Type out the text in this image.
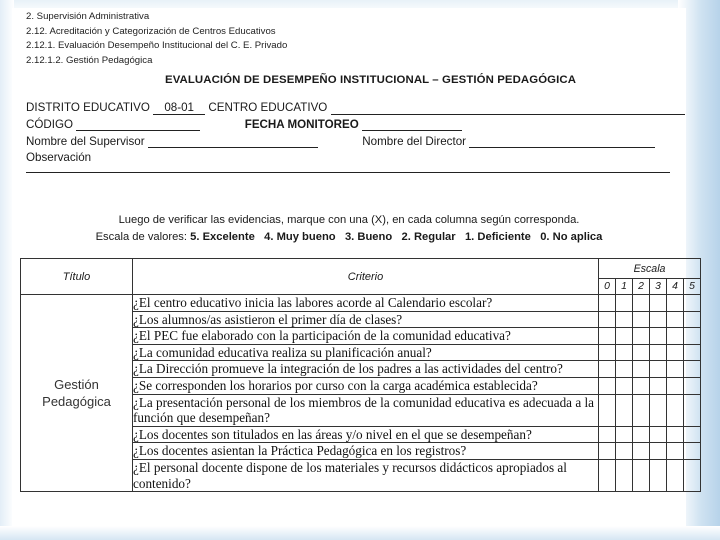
2. Supervisión Administrativa
2.12. Acreditación y Categorización de Centros Educativos
2.12.1. Evaluación Desempeño Institucional del C. E. Privado
2.12.1.2. Gestión Pedagógica
EVALUACIÓN DE DESEMPEÑO INSTITUCIONAL – GESTIÓN PEDAGÓGICA
DISTRITO EDUCATIVO 08-01 CENTRO EDUCATIVO
CÓDIGO	FECHA MONITOREO
Nombre del Supervisor	Nombre del Director
Observación
Luego de verificar las evidencias, marque con una (X), en cada columna según corresponda.
Escala de valores: 5. Excelente 4. Muy bueno 3. Bueno 2. Regular 1. Deficiente 0. No aplica
Título	Criterio	Escala					
		0	1	2	3	4	5
Gestión Pedagógica	¿El centro educativo inicia las labores acorde al Calendario escolar?						
	¿Los alumnos/as asistieron el primer día de clases?						
	¿El PEC fue elaborado con la participación de la comunidad educativa?						
	¿La comunidad educativa realiza su planificación anual?						
	¿La Dirección promueve la integración de los padres a las actividades del centro?						
	¿Se corresponden los horarios por curso con la carga académica establecida?						
	¿La presentación personal de los miembros de la comunidad educativa es adecuada a la función que desempeñan?						
	¿Los docentes son titulados en las áreas y/o nivel en el que se desempeñan?						
	¿Los docentes asientan la Práctica Pedagógica en los registros?						
	¿El personal docente dispone de los materiales y recursos didácticos apropiados al contenido?						
